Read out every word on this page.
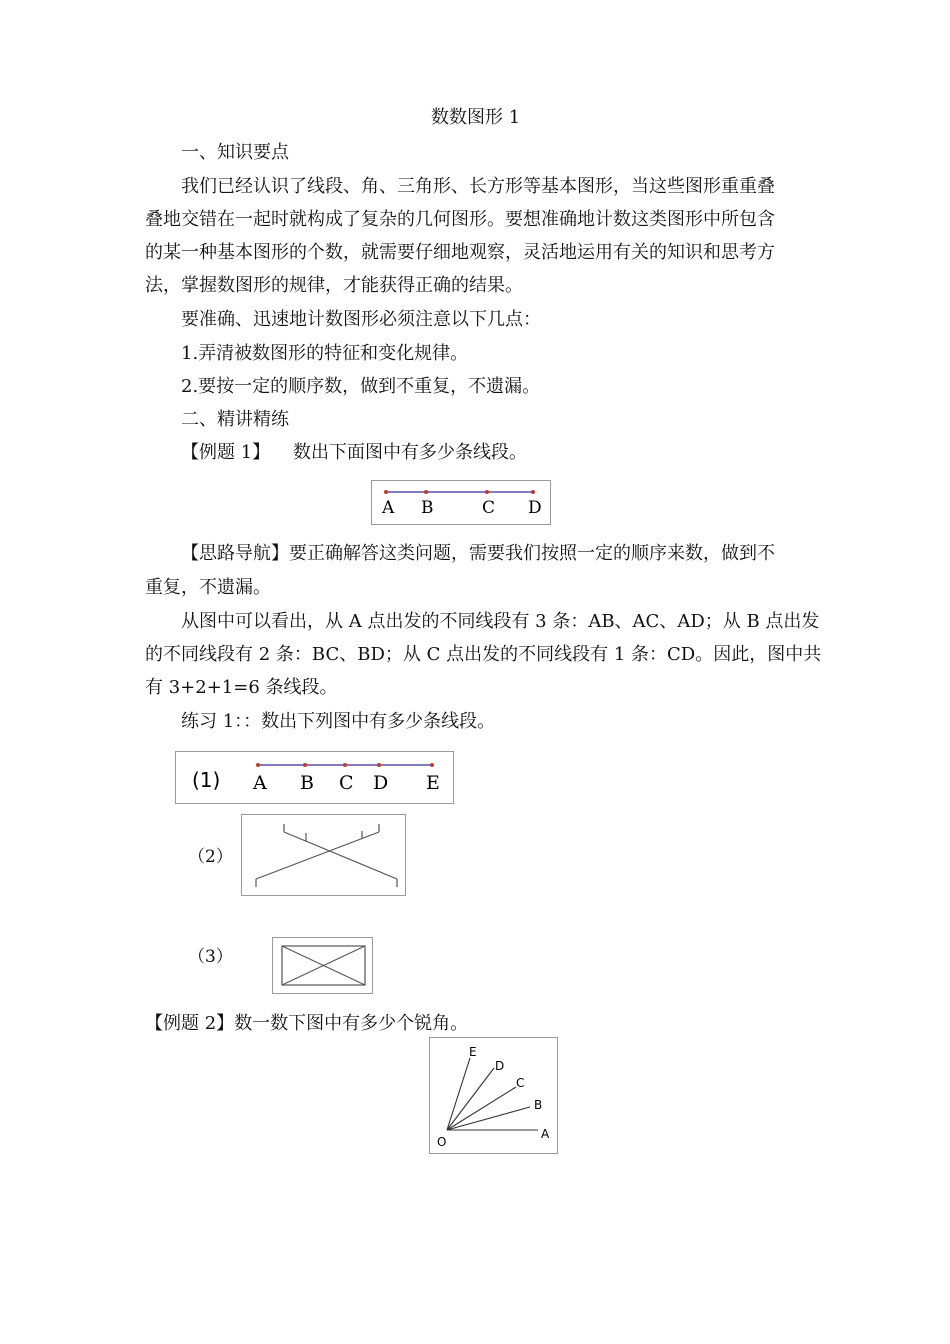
数数图形 1
一、知识要点
我们已经认识了线段、角、三角形、长方形等基本图形，当这些图形重重叠
叠地交错在一起时就构成了复杂的几何图形。要想准确地计数这类图形中所包含
的某一种基本图形的个数，就需要仔细地观察，灵活地运用有关的知识和思考方
法，掌握数图形的规律，才能获得正确的结果。
要准确、迅速地计数图形必须注意以下几点：
1.弄清被数图形的特征和变化规律。
2.要按一定的顺序数，做到不重复，不遗漏。
二、精讲精练
【例题 1】 数出下面图中有多少条线段。
A B	C D
【思路导航】要正确解答这类问题，需要我们按照一定的顺序来数，做到不
重复，不遗漏。
从图中可以看出，从 A 点出发的不同线段有 3 条：AB、AC、AD；从 B 点出发
的不同线段有 2 条：BC、BD；从 C 点出发的不同线段有 1 条：CD。因此，图中共
有 3+2+1=6 条线段。
练习 1：：数出下列图中有多少条线段。
(1) A B C D E
（2）
（3）
【例题 2】数一数下图中有多少个锐角。
E
D
C
B
A
O
